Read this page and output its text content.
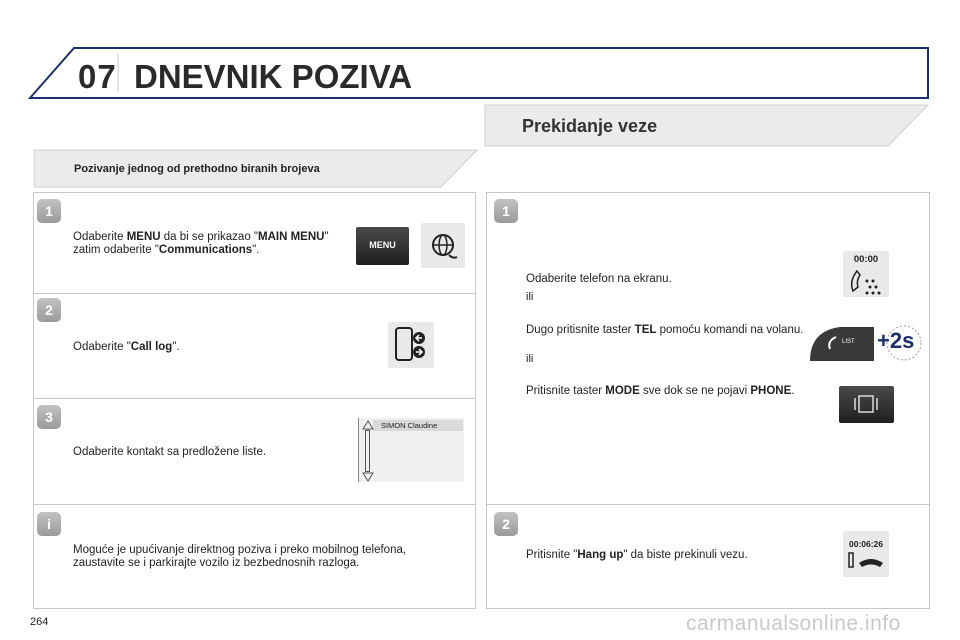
07 DNEVNIK POZIVA
Prekidanje veze
Pozivanje jednog od prethodno biranih brojeva
1
Odaberite MENU da bi se prikazao "MAIN MENU" zatim odaberite "Communications".	MENU
2
Odaberite "Call log".
3
Odaberite kontakt sa predložene liste.
SIMON Claudine
i
Moguće je upućivanje direktnog poziva i preko mobilnog telefona, zaustavite se i parkirajte vozilo iz bezbednosnih razloga.
1
Odaberite telefon na ekranu.
ili
00:00
Dugo pritisnite taster TEL pomoću komandi na volanu.
ili
LIST +2s
Pritisnite taster MODE sve dok se ne pojavi PHONE.
2
Pritisnite "Hang up" da biste prekinuli vezu.
00:06:26
264	carmanualsonline.info
